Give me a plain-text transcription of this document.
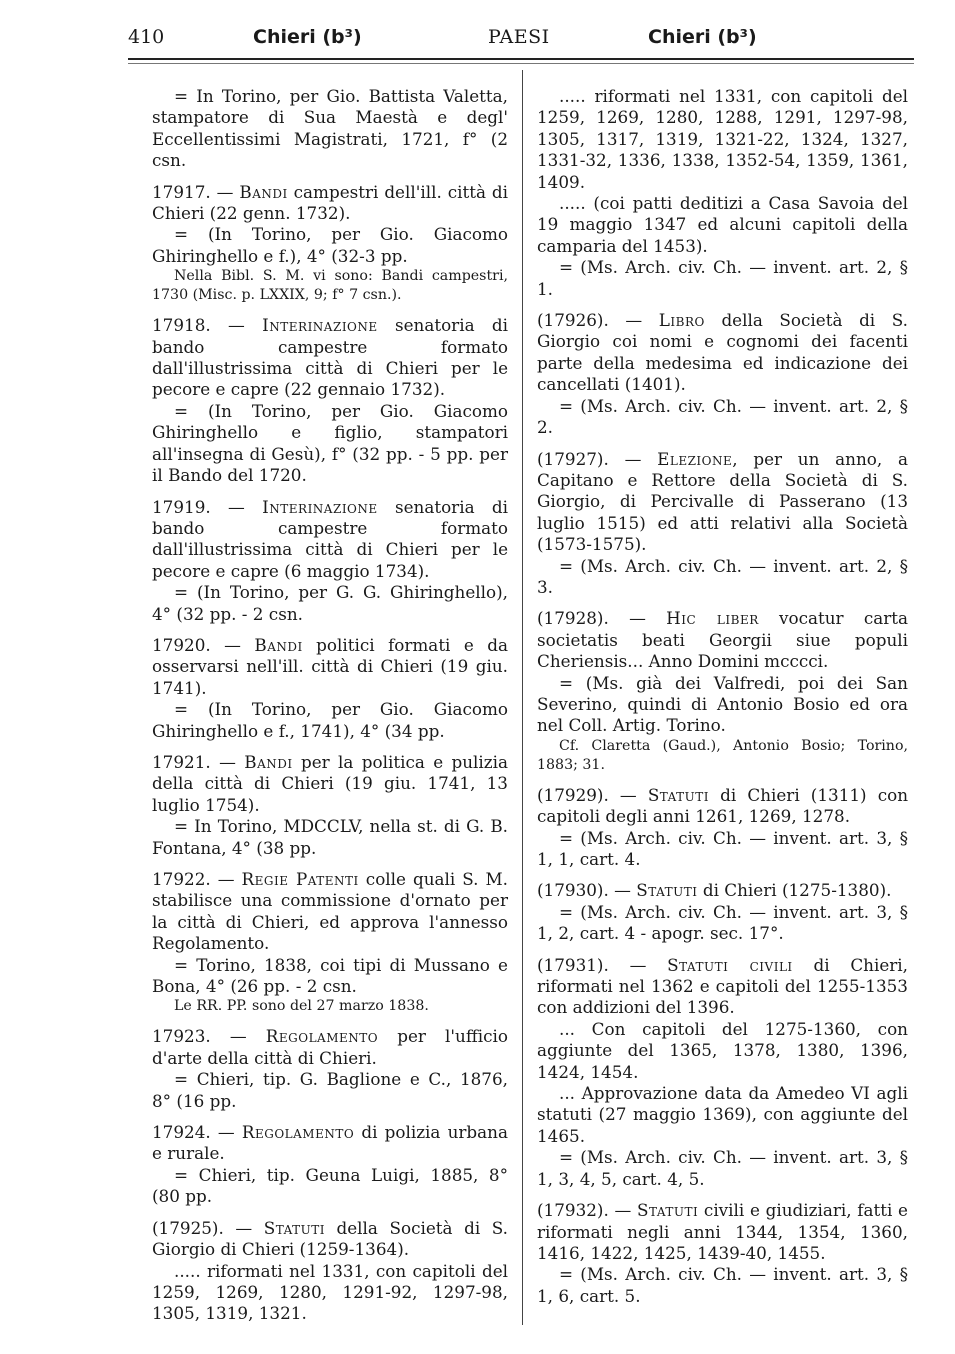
410	Chieri (b³)	PAESI	Chieri (b³)

= In Torino, per Gio. Battista Valetta, stampatore di Sua Maestà e degl' Eccellentissimi Magistrati, 1721, f° (2 csn.

17917. — Bandi campestri dell'ill. città di Chieri (22 genn. 1732).

= (In Torino, per Gio. Giacomo Ghiringhello e f.), 4° (32-3 pp.

Nella Bibl. S. M. vi sono: Bandi campestri, 1730 (Misc. p. LXXIX, 9; f° 7 csn.).

17918. — Interinazione senatoria di bando campestre formato dall'illustrissima città di Chieri per le pecore e capre (22 gennaio 1732).

= (In Torino, per Gio. Giacomo Ghiringhello e figlio, stampatori all'insegna di Gesù), f° (32 pp. - 5 pp. per il Bando del 1720.

17919. — Interinazione senatoria di bando campestre formato dall'illustrissima città di Chieri per le pecore e capre (6 maggio 1734).

= (In Torino, per G. G. Ghiringhello), 4° (32 pp. - 2 csn.

17920. — Bandi politici formati e da osservarsi nell'ill. città di Chieri (19 giu. 1741).

= (In Torino, per Gio. Giacomo Ghiringhello e f., 1741), 4° (34 pp.

17921. — Bandi per la politica e pulizia della città di Chieri (19 giu. 1741, 13 luglio 1754).

= In Torino, MDCCLV, nella st. di G. B. Fontana, 4° (38 pp.

17922. — Regie Patenti colle quali S. M. stabilisce una commissione d'ornato per la città di Chieri, ed approva l'annesso Regolamento.

= Torino, 1838, coi tipi di Mussano e Bona, 4° (26 pp. - 2 csn.

Le RR. PP. sono del 27 marzo 1838.

17923. — Regolamento per l'ufficio d'arte della città di Chieri.

= Chieri, tip. G. Baglione e C., 1876, 8° (16 pp.

17924. — Regolamento di polizia urbana e rurale.

= Chieri, tip. Geuna Luigi, 1885, 8° (80 pp.

(17925). — Statuti della Società di S. Giorgio di Chieri (1259-1364).

..... riformati nel 1331, con capitoli del 1259, 1269, 1280, 1291-92, 1297-98, 1305, 1319, 1321.

..... riformati nel 1331, con capitoli del 1259, 1269, 1280, 1288, 1291, 1297-98, 1305, 1317, 1319, 1321-22, 1324, 1327, 1331-32, 1336, 1338, 1352-54, 1359, 1361, 1409.

..... (coi patti deditizi a Casa Savoia del 19 maggio 1347 ed alcuni capitoli della camparia del 1453).

= (Ms. Arch. civ. Ch. — invent. art. 2, § 1.

(17926). — Libro della Società di S. Giorgio coi nomi e cognomi dei facenti parte della medesima ed indicazione dei cancellati (1401).

= (Ms. Arch. civ. Ch. — invent. art. 2, § 2.

(17927). — Elezione, per un anno, a Capitano e Rettore della Società di S. Giorgio, di Percivalle di Passerano (13 luglio 1515) ed atti relativi alla Società (1573-1575).

= (Ms. Arch. civ. Ch. — invent. art. 2, § 3.

(17928). — Hic liber vocatur carta societatis beati Georgii siue populi Cheriensis... Anno Domini mccccі.

= (Ms. già dei Valfredi, poi dei San Severino, quindi di Antonio Bosio ed ora nel Coll. Artig. Torino.

Cf. Claretta (Gaud.), Antonio Bosio; Torino, 1883; 31.

(17929). — Statuti di Chieri (1311) con capitoli degli anni 1261, 1269, 1278.

= (Ms. Arch. civ. Ch. — invent. art. 3, § 1, 1, cart. 4.

(17930). — Statuti di Chieri (1275-1380).

= (Ms. Arch. civ. Ch. — invent. art. 3, § 1, 2, cart. 4 - apogr. sec. 17°.

(17931). — Statuti civili di Chieri, riformati nel 1362 e capitoli del 1255-1353 con addizioni del 1396.

... Con capitoli del 1275-1360, con aggiunte del 1365, 1378, 1380, 1396, 1424, 1454.

... Approvazione data da Amedeo VI agli statuti (27 maggio 1369), con aggiunte del 1465.

= (Ms. Arch. civ. Ch. — invent. art. 3, § 1, 3, 4, 5, cart. 4, 5.

(17932). — Statuti civili e giudiziari, fatti e riformati negli anni 1344, 1354, 1360, 1416, 1422, 1425, 1439-40, 1455.

= (Ms. Arch. civ. Ch. — invent. art. 3, § 1, 6, cart. 5.
